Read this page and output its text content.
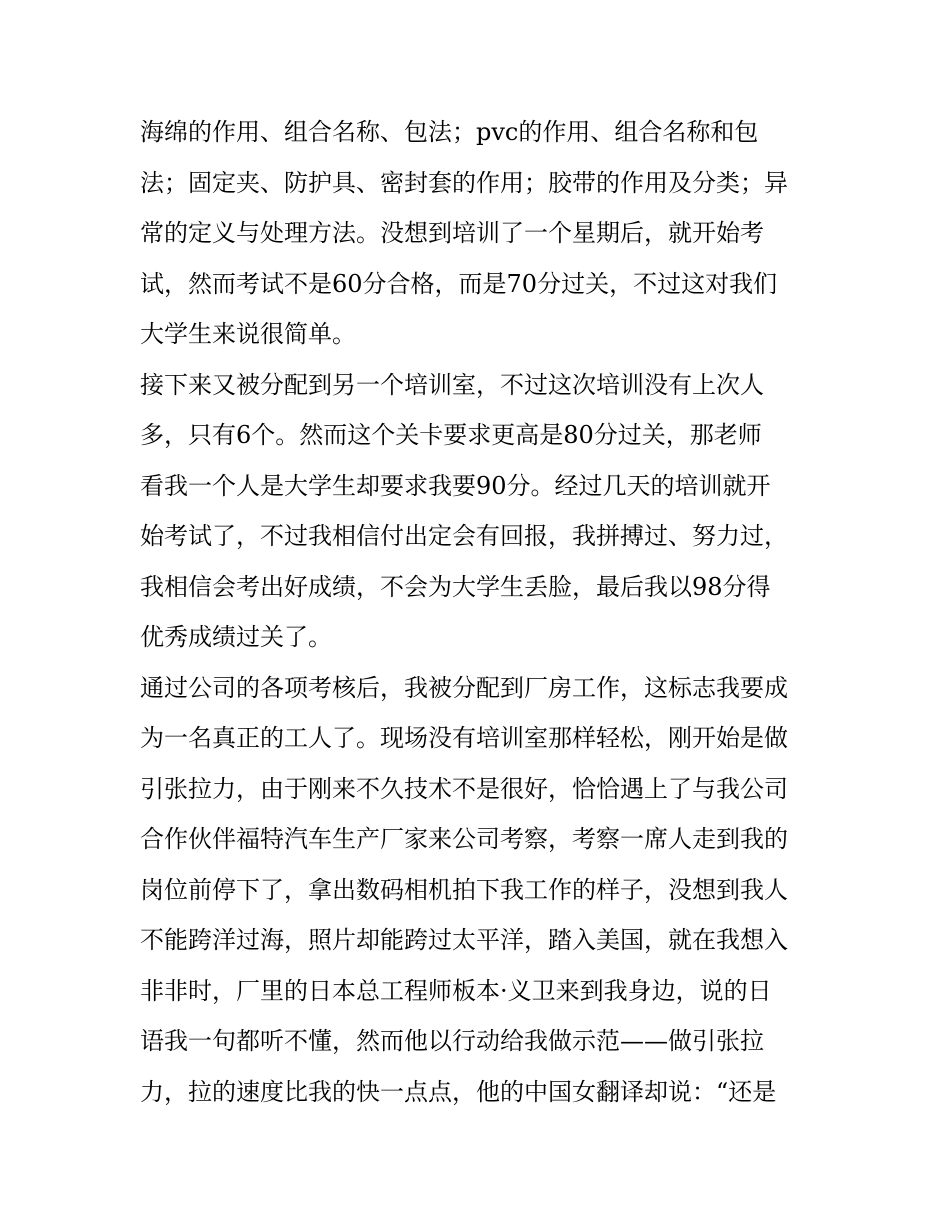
海绵的作用、组合名称、包法；pvc的作用、组合名称和包
法；固定夹、防护具、密封套的作用；胶带的作用及分类；异
常的定义与处理方法。没想到培训了一个星期后，就开始考
试，然而考试不是60分合格，而是70分过关，不过这对我们
大学生来说很简单。
接下来又被分配到另一个培训室，不过这次培训没有上次人
多，只有6个。然而这个关卡要求更高是80分过关，那老师
看我一个人是大学生却要求我要90分。经过几天的培训就开
始考试了，不过我相信付出定会有回报，我拼搏过、努力过，
我相信会考出好成绩，不会为大学生丢脸，最后我以98分得
优秀成绩过关了。
通过公司的各项考核后，我被分配到厂房工作，这标志我要成
为一名真正的工人了。现场没有培训室那样轻松，刚开始是做
引张拉力，由于刚来不久技术不是很好，恰恰遇上了与我公司
合作伙伴福特汽车生产厂家来公司考察，考察一席人走到我的
岗位前停下了，拿出数码相机拍下我工作的样子，没想到我人
不能跨洋过海，照片却能跨过太平洋，踏入美国，就在我想入
非非时，厂里的日本总工程师板本·义卫来到我身边，说的日
语我一句都听不懂，然而他以行动给我做示范——做引张拉
力，拉的速度比我的快一点点，他的中国女翻译却说：“还是
